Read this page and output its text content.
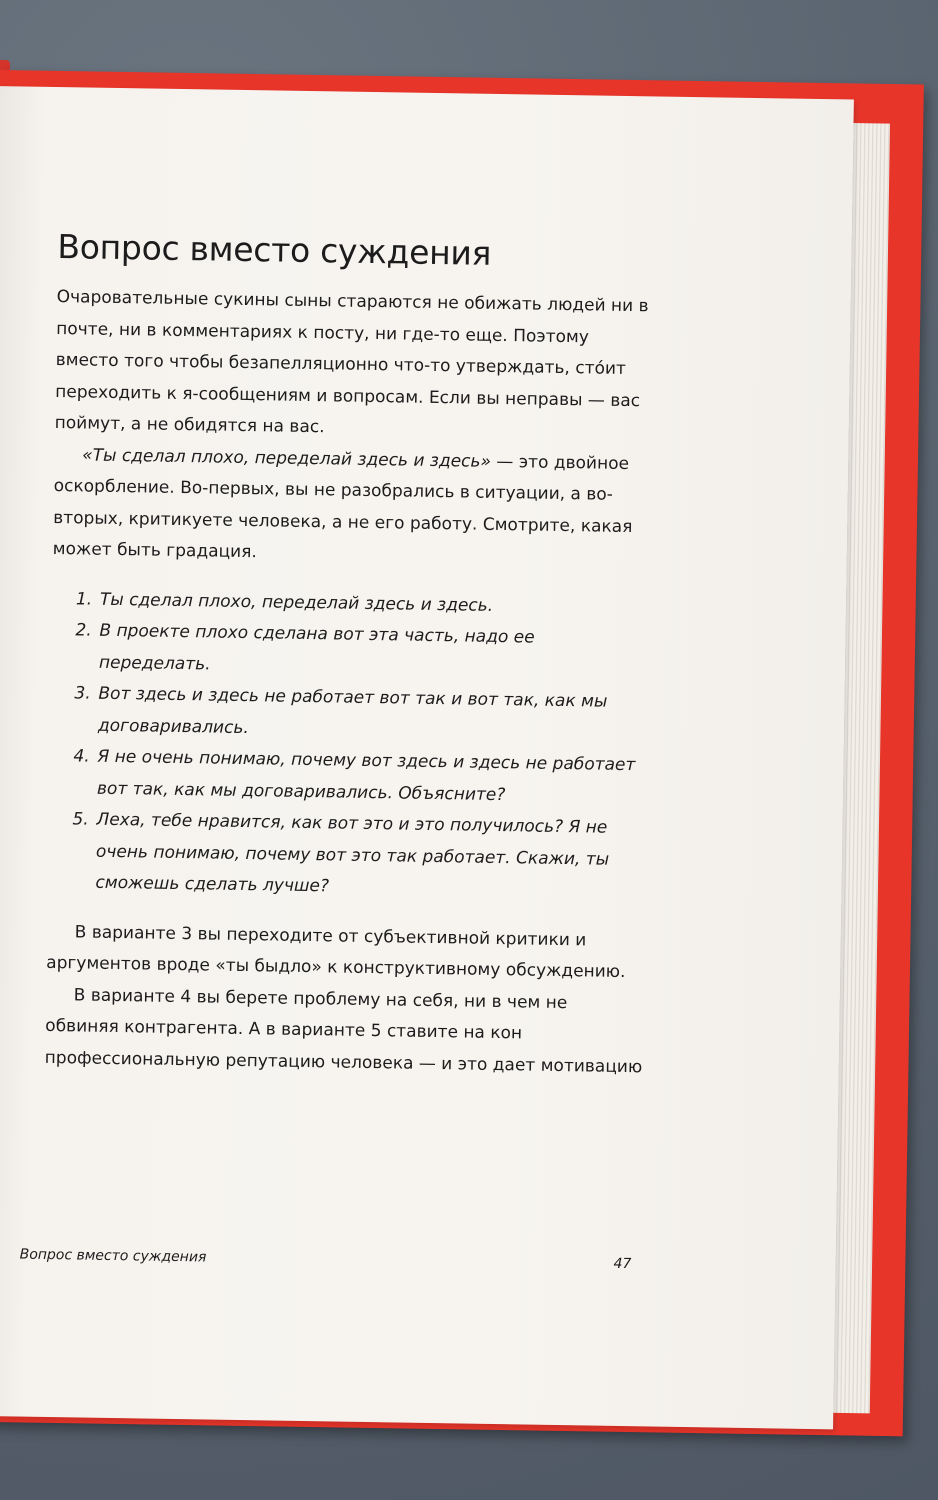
Вопрос вместо суждения

Очаровательные сукины сыны стараются не обижать людей ни в почте, ни в комментариях к посту, ни где-то еще. Поэтому вместо того чтобы безапелляционно что-то утверждать, стóит переходить к я-сообщениям и вопросам. Если вы неправы — вас поймут, а не обидятся на вас.

«Ты сделал плохо, переделай здесь и здесь» — это двойное оскорбление. Во-первых, вы не разобрались в ситуации, а во-вторых, критикуете человека, а не его работу. Смотрите, какая может быть градация.

1. Ты сделал плохо, переделай здесь и здесь.
2. В проекте плохо сделана вот эта часть, надо ее переделать.
3. Вот здесь и здесь не работает вот так и вот так, как мы договаривались.
4. Я не очень понимаю, почему вот здесь и здесь не работает вот так, как мы договаривались. Объясните?
5. Леха, тебе нравится, как вот это и это получилось? Я не очень понимаю, почему вот это так работает. Скажи, ты сможешь сделать лучше?

В варианте 3 вы переходите от субъективной критики и аргументов вроде «ты быдло» к конструктивному обсуждению.

В варианте 4 вы берете проблему на себя, ни в чем не обвиняя контрагента. А в варианте 5 ставите на кон профессиональную репутацию человека — и это дает мотивацию

Вопрос вместо суждения	47
